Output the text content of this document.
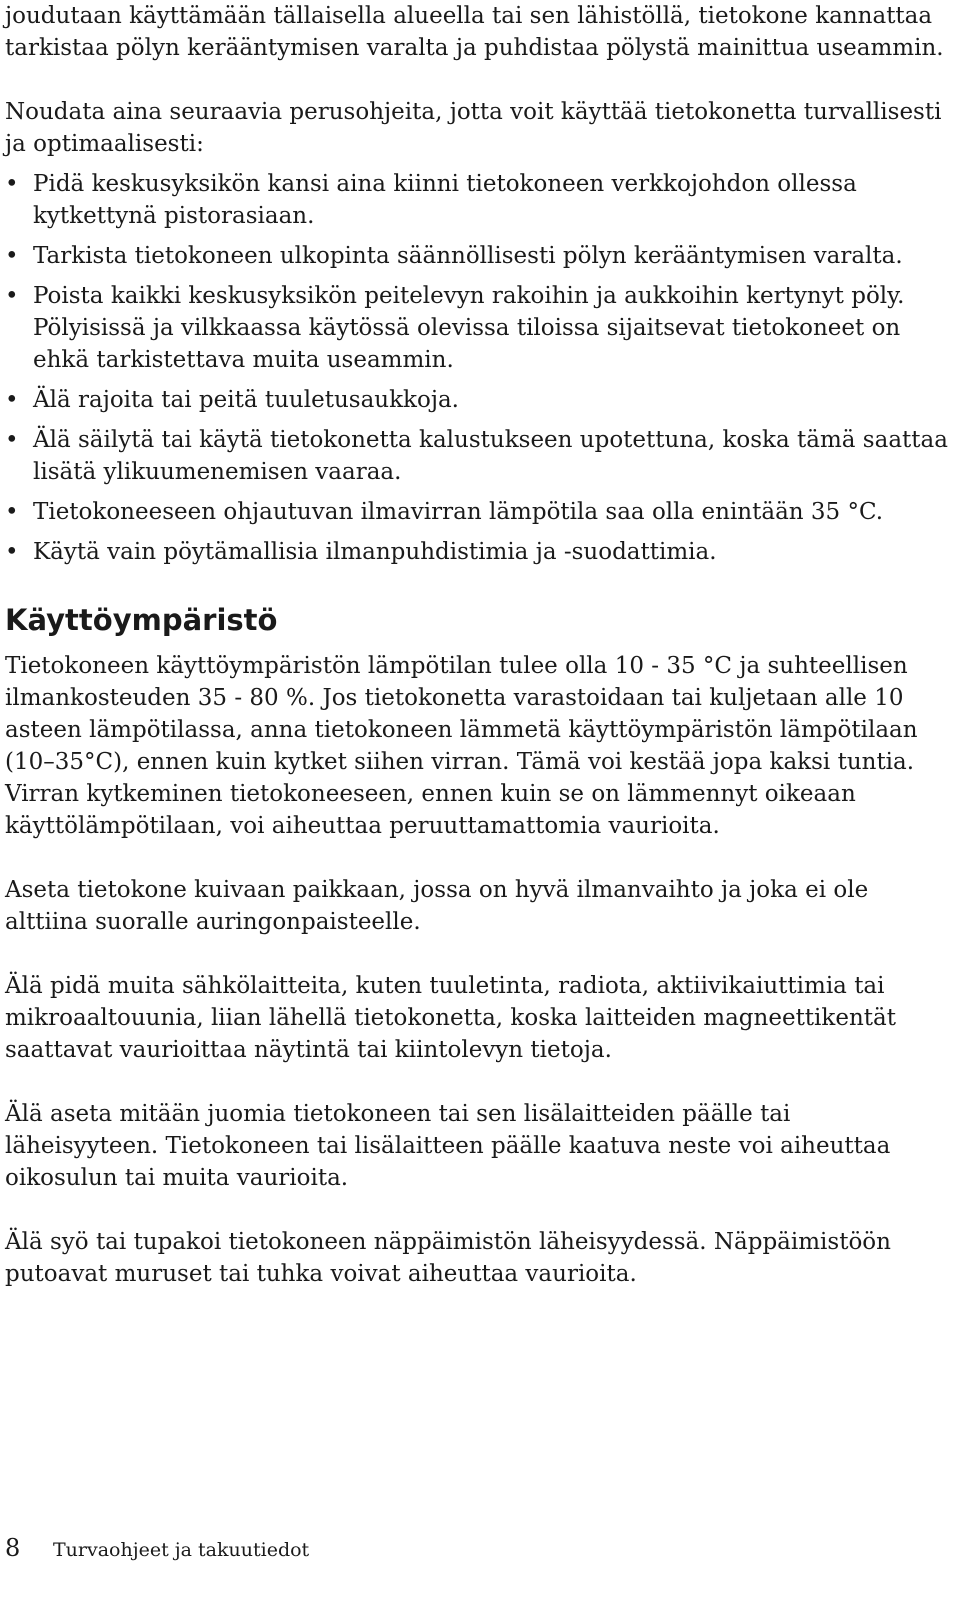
joudutaan käyttämään tällaisella alueella tai sen lähistöllä, tietokone kannattaa tarkistaa pölyn kerääntymisen varalta ja puhdistaa pölystä mainittua useammin.

Noudata aina seuraavia perusohjeita, jotta voit käyttää tietokonetta turvallisesti ja optimaalisesti:

• Pidä keskusyksikön kansi aina kiinni tietokoneen verkkojohdon ollessa kytkettynä pistorasiaan.
• Tarkista tietokoneen ulkopinta säännöllisesti pölyn kerääntymisen varalta.
• Poista kaikki keskusyksikön peitelevyn rakoihin ja aukkoihin kertynyt pöly. Pölyisissä ja vilkkaassa käytössä olevissa tiloissa sijaitsevat tietokoneet on ehkä tarkistettava muita useammin.
• Älä rajoita tai peitä tuuletusaukkoja.
• Älä säilytä tai käytä tietokonetta kalustukseen upotettuna, koska tämä saattaa lisätä ylikuumenemisen vaaraa.
• Tietokoneeseen ohjautuvan ilmavirran lämpötila saa olla enintään 35 °C.
• Käytä vain pöytämallisia ilmanpuhdistimia ja -suodattimia.
Käyttöympäristö

Tietokoneen käyttöympäristön lämpötilan tulee olla 10 - 35 °C ja suhteellisen ilmankosteuden 35 - 80 %. Jos tietokonetta varastoidaan tai kuljetaan alle 10 asteen lämpötilassa, anna tietokoneen lämmetä käyttöympäristön lämpötilaan (10–35°C), ennen kuin kytket siihen virran. Tämä voi kestää jopa kaksi tuntia. Virran kytkeminen tietokoneeseen, ennen kuin se on lämmennyt oikeaan käyttölämpötilaan, voi aiheuttaa peruuttamattomia vaurioita.

Aseta tietokone kuivaan paikkaan, jossa on hyvä ilmanvaihto ja joka ei ole alttiina suoralle auringonpaisteelle.

Älä pidä muita sähkölaitteita, kuten tuuletinta, radiota, aktiivikaiuttimia tai mikroaaltouunia, liian lähellä tietokonetta, koska laitteiden magneettikentät saattavat vaurioittaa näytintä tai kiintolevyn tietoja.

Älä aseta mitään juomia tietokoneen tai sen lisälaitteiden päälle tai läheisyyteen. Tietokoneen tai lisälaitteen päälle kaatuva neste voi aiheuttaa oikosulun tai muita vaurioita.

Älä syö tai tupakoi tietokoneen näppäimistön läheisyydessä. Näppäimistöön putoavat muruset tai tuhka voivat aiheuttaa vaurioita.

8 Turvaohjeet ja takuutiedot
